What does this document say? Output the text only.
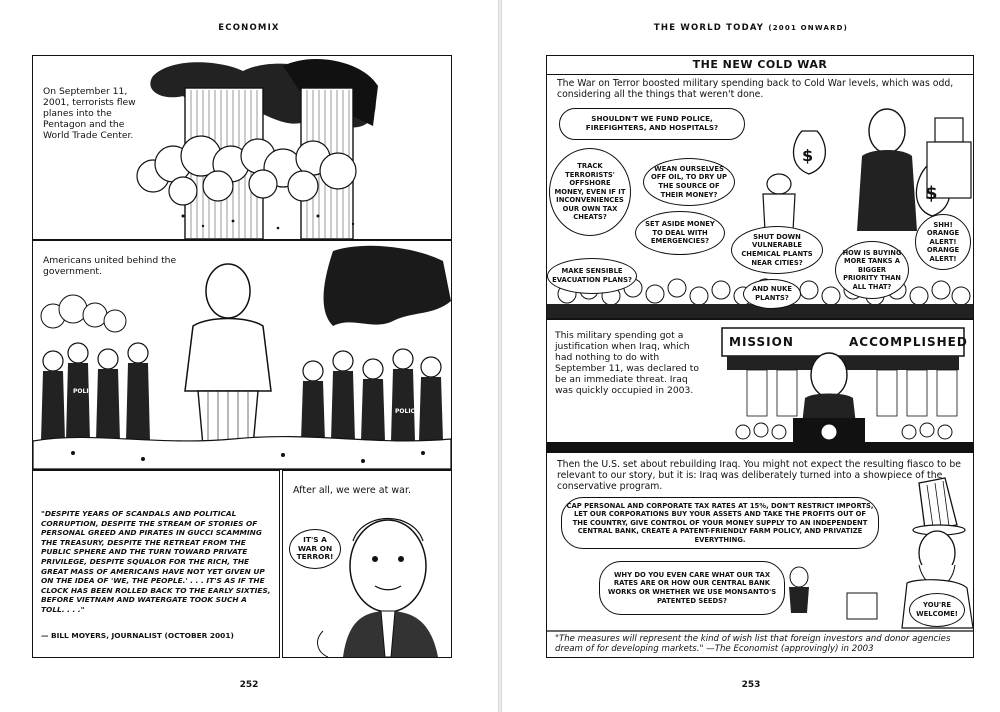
ECONOMIX
On September 11, 2001, terrorists flew planes into the Pentagon and the World Trade Center.
Americans united behind the government.
POLICE
POLICE
"DESPITE YEARS OF SCANDALS AND POLITICAL CORRUPTION, DESPITE THE STREAM OF STORIES OF PERSONAL GREED AND PIRATES IN GUCCI SCAMMING THE TREASURY, DESPITE THE RETREAT FROM THE PUBLIC SPHERE AND THE TURN TOWARD PRIVATE PRIVILEGE, DESPITE SQUALOR FOR THE RICH, THE GREAT MASS OF AMERICANS HAVE NOT YET GIVEN UP ON THE IDEA OF 'WE, THE PEOPLE.' . . . IT'S AS IF THE CLOCK HAS BEEN ROLLED BACK TO THE EARLY SIXTIES, BEFORE VIETNAM AND WATERGATE TOOK SUCH A TOLL. . . ."
— BILL MOYERS, JOURNALIST (OCTOBER 2001)
After all, we were at war.
IT'S A WAR ON TERROR!
252
THE WORLD TODAY (2001 ONWARD)
THE NEW COLD WAR
$
$
The War on Terror boosted military spending back to Cold War levels, which was odd, considering all the things that weren't done.
SHOULDN'T WE FUND POLICE, FIREFIGHTERS, AND HOSPITALS?
TRACK TERRORISTS' OFFSHORE MONEY, EVEN IF IT INCONVENIENCES OUR OWN TAX CHEATS?
WEAN OURSELVES OFF OIL, TO DRY UP THE SOURCE OF THEIR MONEY?
SET ASIDE MONEY TO DEAL WITH EMERGENCIES?
SHUT DOWN VULNERABLE CHEMICAL PLANTS NEAR CITIES?
HOW IS BUYING MORE TANKS A BIGGER PRIORITY THAN ALL THAT?
MAKE SENSIBLE EVACUATION PLANS?
AND NUKE PLANTS?
SHH! ORANGE ALERT! ORANGE ALERT!
MISSION	ACCOMPLISHED
This military spending got a justification when Iraq, which had nothing to do with September 11, was declared to be an immediate threat. Iraq was quickly occupied in 2003.
Then the U.S. set about rebuilding Iraq. You might not expect the resulting fiasco to be relevant to our story, but it is: Iraq was deliberately turned into a showpiece of the conservative program.
CAP PERSONAL AND CORPORATE TAX RATES AT 15%, DON'T RESTRICT IMPORTS, LET OUR CORPORATIONS BUY YOUR ASSETS AND TAKE THE PROFITS OUT OF THE COUNTRY, GIVE CONTROL OF YOUR MONEY SUPPLY TO AN INDEPENDENT CENTRAL BANK, CREATE A PATENT-FRIENDLY FARM POLICY, AND PRIVATIZE EVERYTHING.
WHY DO YOU EVEN CARE WHAT OUR TAX RATES ARE OR HOW OUR CENTRAL BANK WORKS OR WHETHER WE USE MONSANTO'S PATENTED SEEDS?
YOU'RE WELCOME!
"The measures will represent the kind of wish list that foreign investors and donor agencies dream of for developing markets." —The Economist (approvingly) in 2003
253
